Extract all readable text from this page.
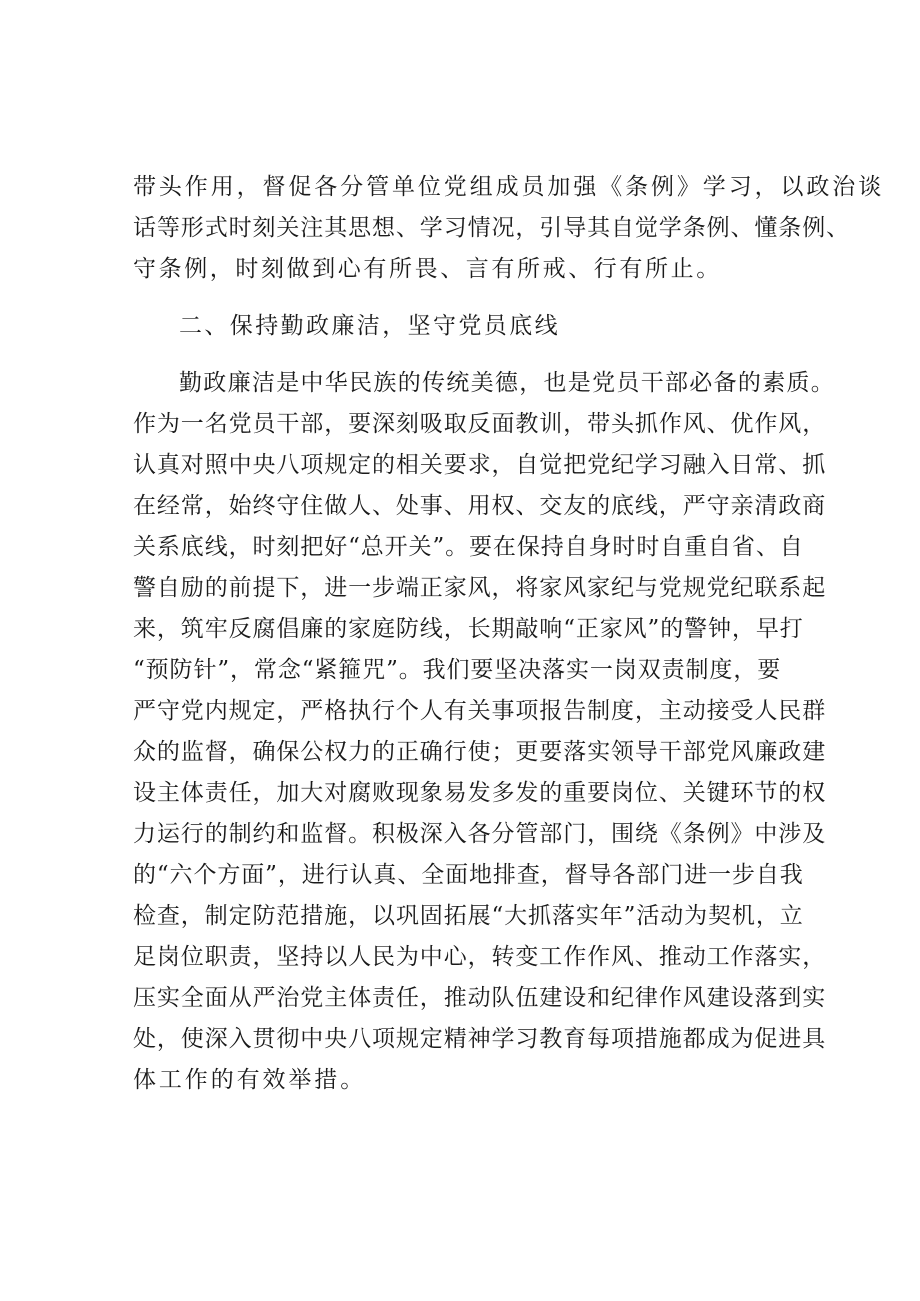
带头作用，督促各分管单位党组成员加强《条例》学习，以政治谈
话等形式时刻关注其思想、学习情况，引导其自觉学条例、懂条例、
守条例，时刻做到心有所畏、言有所戒、行有所止。
二、保持勤政廉洁，坚守党员底线
勤政廉洁是中华民族的传统美德，也是党员干部必备的素质。
作为一名党员干部，要深刻吸取反面教训，带头抓作风、优作风，
认真对照中央八项规定的相关要求，自觉把党纪学习融入日常、抓
在经常，始终守住做人、处事、用权、交友的底线，严守亲清政商
关系底线，时刻把好“总开关”。要在保持自身时时自重自省、自
警自励的前提下，进一步端正家风，将家风家纪与党规党纪联系起
来，筑牢反腐倡廉的家庭防线，长期敲响“正家风”的警钟，早打
“预防针”，常念“紧箍咒”。我们要坚决落实一岗双责制度，要
严守党内规定，严格执行个人有关事项报告制度，主动接受人民群
众的监督，确保公权力的正确行使；更要落实领导干部党风廉政建
设主体责任，加大对腐败现象易发多发的重要岗位、关键环节的权
力运行的制约和监督。积极深入各分管部门，围绕《条例》中涉及
的“六个方面”，进行认真、全面地排查，督导各部门进一步自我
检查，制定防范措施，以巩固拓展“大抓落实年”活动为契机，立
足岗位职责，坚持以人民为中心，转变工作作风、推动工作落实，
压实全面从严治党主体责任，推动队伍建设和纪律作风建设落到实
处，使深入贯彻中央八项规定精神学习教育每项措施都成为促进具
体工作的有效举措。
